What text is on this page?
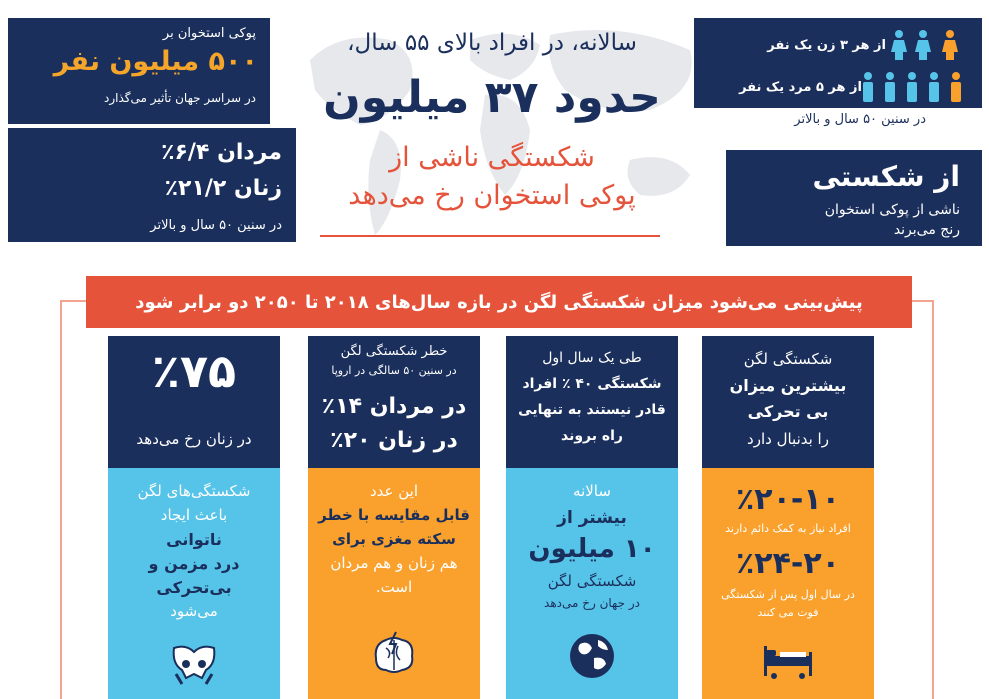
پوکی استخوان بر
۵۰۰ میلیون نفر
در سراسر جهان تأثیر می‌گذارد
مردان ٪۶/۴
زنان ٪۲۱/۲
در سنین ۵۰ سال و بالاتر
سالانه، در افراد بالای ۵۵ سال،
حدود ۳۷ میلیون
شکستگی ناشی از
پوکی استخوان رخ می‌دهد
از هر ۳ زن یک نفر
از هر ۵ مرد یک نفر
در سنین ۵۰ سال و بالاتر
از شکستی
ناشی از پوکی استخوان
رنج می‌برند
پیش‌بینی می‌شود میزان شکستگی لگن در بازه سال‌های ۲۰۱۸ تا ۲۰۵۰ دو برابر شود
شکستگی لگن
بیشترین میزان
بی تحرکی
را بدنبال دارد
٪۲۰-۱۰
افراد نیاز به کمک دائم دارند
٪۲۴-۲۰
در سال اول پس از شکستگی
فوت می کنند
طی یک سال اول
شکستگی ۴۰ ٪ افراد
قادر نیستند به تنهایی
راه بروند
سالانه
بیشتر از
۱۰ میلیون
شکستگی لگن
در جهان رخ می‌دهد
خطر شکستگی لگن
در سنین ۵۰ سالگی در اروپا
در مردان ۱۴٪
در زنان ۲۰٪
این عدد
قابل مقایسه با خطر
سکته مغزی برای
هم زنان و هم مردان
است.
٪۷۵
در زنان رخ می‌دهد
شکستگی‌های لگن
باعث ایجاد
ناتوانی
درد مزمن و
بی‌تحرکی
می‌شود
